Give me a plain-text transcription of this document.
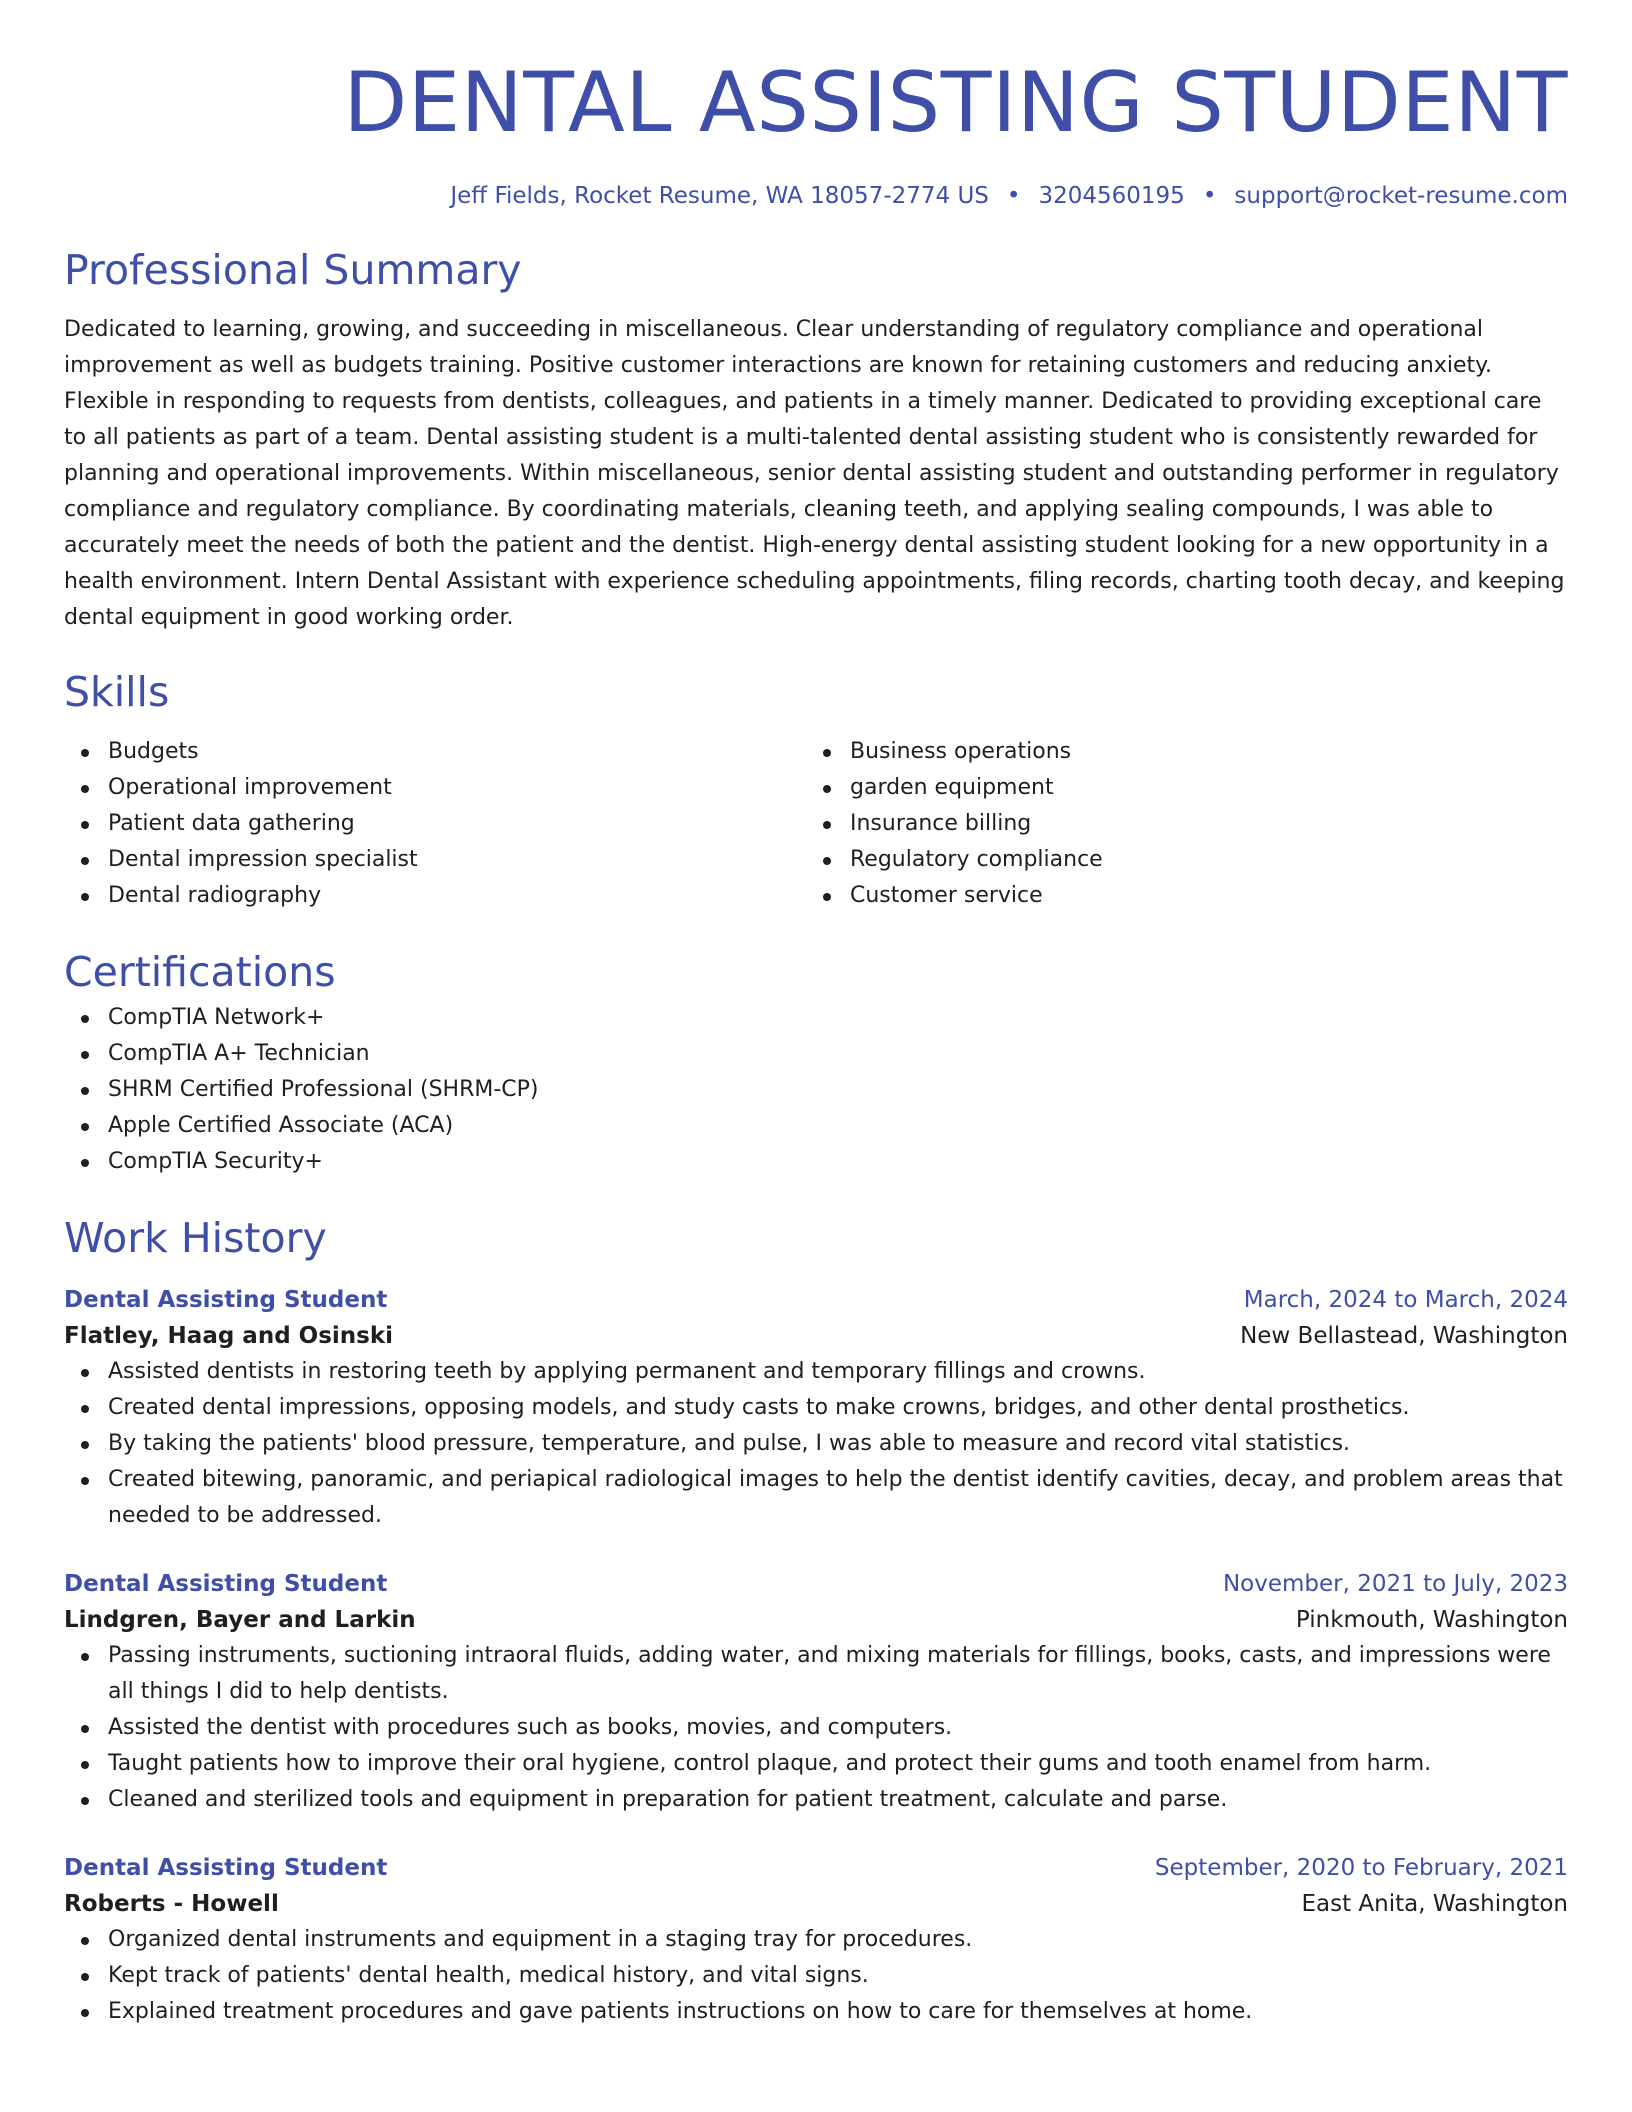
DENTAL ASSISTING STUDENT
Jeff Fields, Rocket Resume, WA 18057-2774 US • 3204560195 • support@rocket-resume.com
Professional Summary

Dedicated to learning, growing, and succeeding in miscellaneous. Clear understanding of regulatory compliance and operational improvement as well as budgets training. Positive customer interactions are known for retaining customers and reducing anxiety. Flexible in responding to requests from dentists, colleagues, and patients in a timely manner. Dedicated to providing exceptional care to all patients as part of a team. Dental assisting student is a multi-talented dental assisting student who is consistently rewarded for planning and operational improvements. Within miscellaneous, senior dental assisting student and outstanding performer in regulatory compliance and regulatory compliance. By coordinating materials, cleaning teeth, and applying sealing compounds, I was able to accurately meet the needs of both the patient and the dentist. High-energy dental assisting student looking for a new opportunity in a health environment. Intern Dental Assistant with experience scheduling appointments, filing records, charting tooth decay, and keeping dental equipment in good working order.

Skills
Budgets
Operational improvement
Patient data gathering
Dental impression specialist
Dental radiography
Business operations
garden equipment
Insurance billing
Regulatory compliance
Customer service
Certifications
CompTIA Network+
CompTIA A+ Technician
SHRM Certified Professional (SHRM-CP)
Apple Certified Associate (ACA)
CompTIA Security+
Work History
Dental Assisting Student	March, 2024 to March, 2024
Flatley, Haag and Osinski	New Bellastead, Washington
Assisted dentists in restoring teeth by applying permanent and temporary fillings and crowns.
Created dental impressions, opposing models, and study casts to make crowns, bridges, and other dental prosthetics.
By taking the patients' blood pressure, temperature, and pulse, I was able to measure and record vital statistics.
Created bitewing, panoramic, and periapical radiological images to help the dentist identify cavities, decay, and problem areas that needed to be addressed.
Dental Assisting Student	November, 2021 to July, 2023
Lindgren, Bayer and Larkin	Pinkmouth, Washington
Passing instruments, suctioning intraoral fluids, adding water, and mixing materials for fillings, books, casts, and impressions were all things I did to help dentists.
Assisted the dentist with procedures such as books, movies, and computers.
Taught patients how to improve their oral hygiene, control plaque, and protect their gums and tooth enamel from harm.
Cleaned and sterilized tools and equipment in preparation for patient treatment, calculate and parse.
Dental Assisting Student	September, 2020 to February, 2021
Roberts - Howell	East Anita, Washington
Organized dental instruments and equipment in a staging tray for procedures.
Kept track of patients' dental health, medical history, and vital signs.
Explained treatment procedures and gave patients instructions on how to care for themselves at home.
